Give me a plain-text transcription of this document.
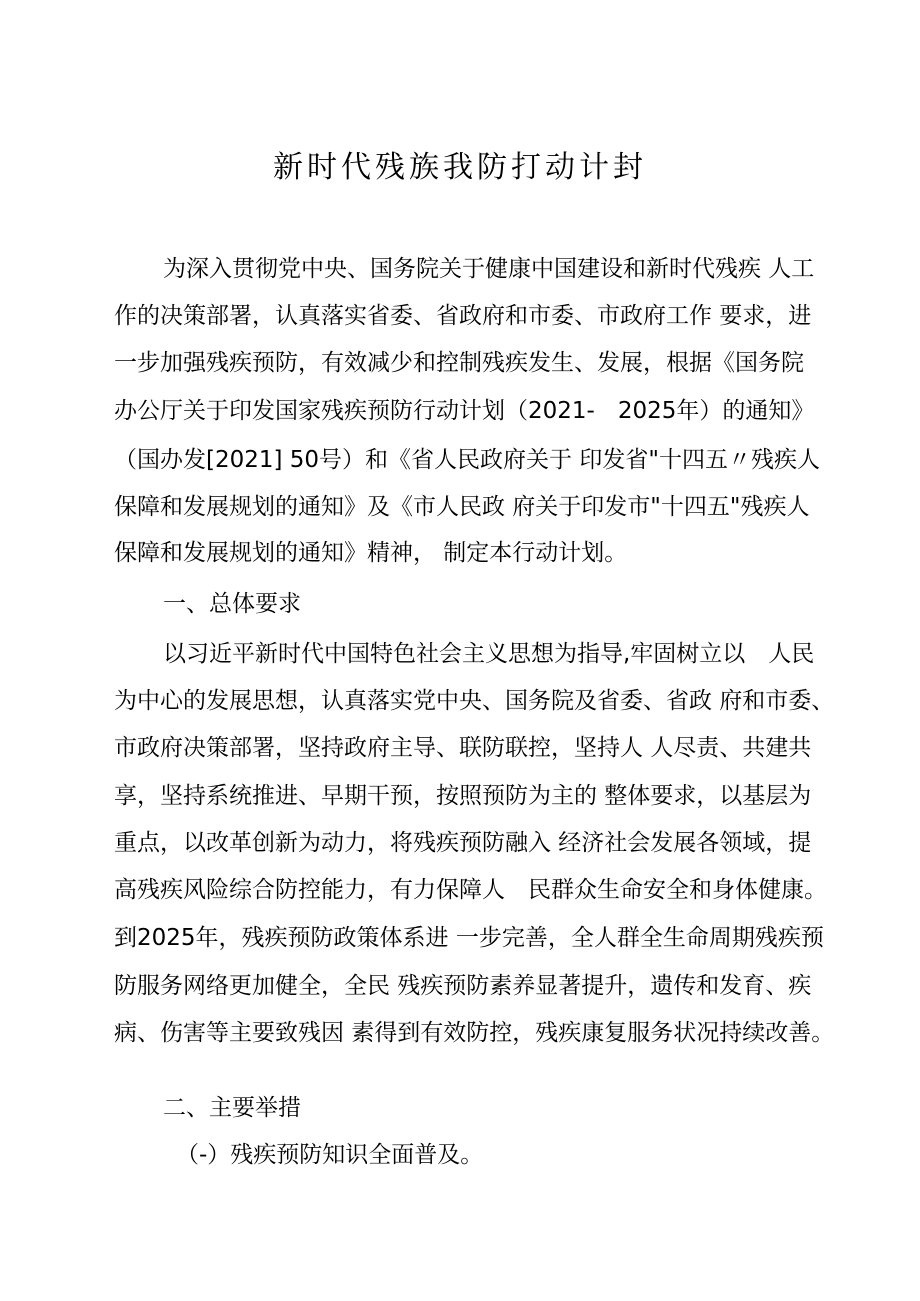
新时代残族我防打动计封

为深入贯彻党中央、国务院关于健康中国建设和新时代残疾 人工

作的决策部署，认真落实省委、省政府和市委、市政府工作 要求，进

一步加强残疾预防，有效减少和控制残疾发生、发展，根据《国务院

办公厅关于印发国家残疾预防行动计划（2021-　2025年）的通知》

（国办发[2021] 50号）和《省人民政府关于 印发省"十四五〃残疾人

保障和发展规划的通知》及《市人民政 府关于印发市"十四五"残疾人

保障和发展规划的通知》精神， 制定本行动计划。

一、总体要求

以习近平新时代中国特色社会主义思想为指导,牢固树立以　人民

为中心的发展思想，认真落实党中央、国务院及省委、省政 府和市委、

市政府决策部署，坚持政府主导、联防联控，坚持人 人尽责、共建共

享，坚持系统推进、早期干预，按照预防为主的 整体要求，以基层为

重点，以改革创新为动力，将残疾预防融入 经济社会发展各领域，提

高残疾风险综合防控能力，有力保障人　民群众生命安全和身体健康。

到2025年，残疾预防政策体系进 一步完善，全人群全生命周期残疾预

防服务网络更加健全，全民 残疾预防素养显著提升，遗传和发育、疾

病、伤害等主要致残因 素得到有效防控，残疾康复服务状况持续改善。

二、主要举措

（-）残疾预防知识全面普及。
